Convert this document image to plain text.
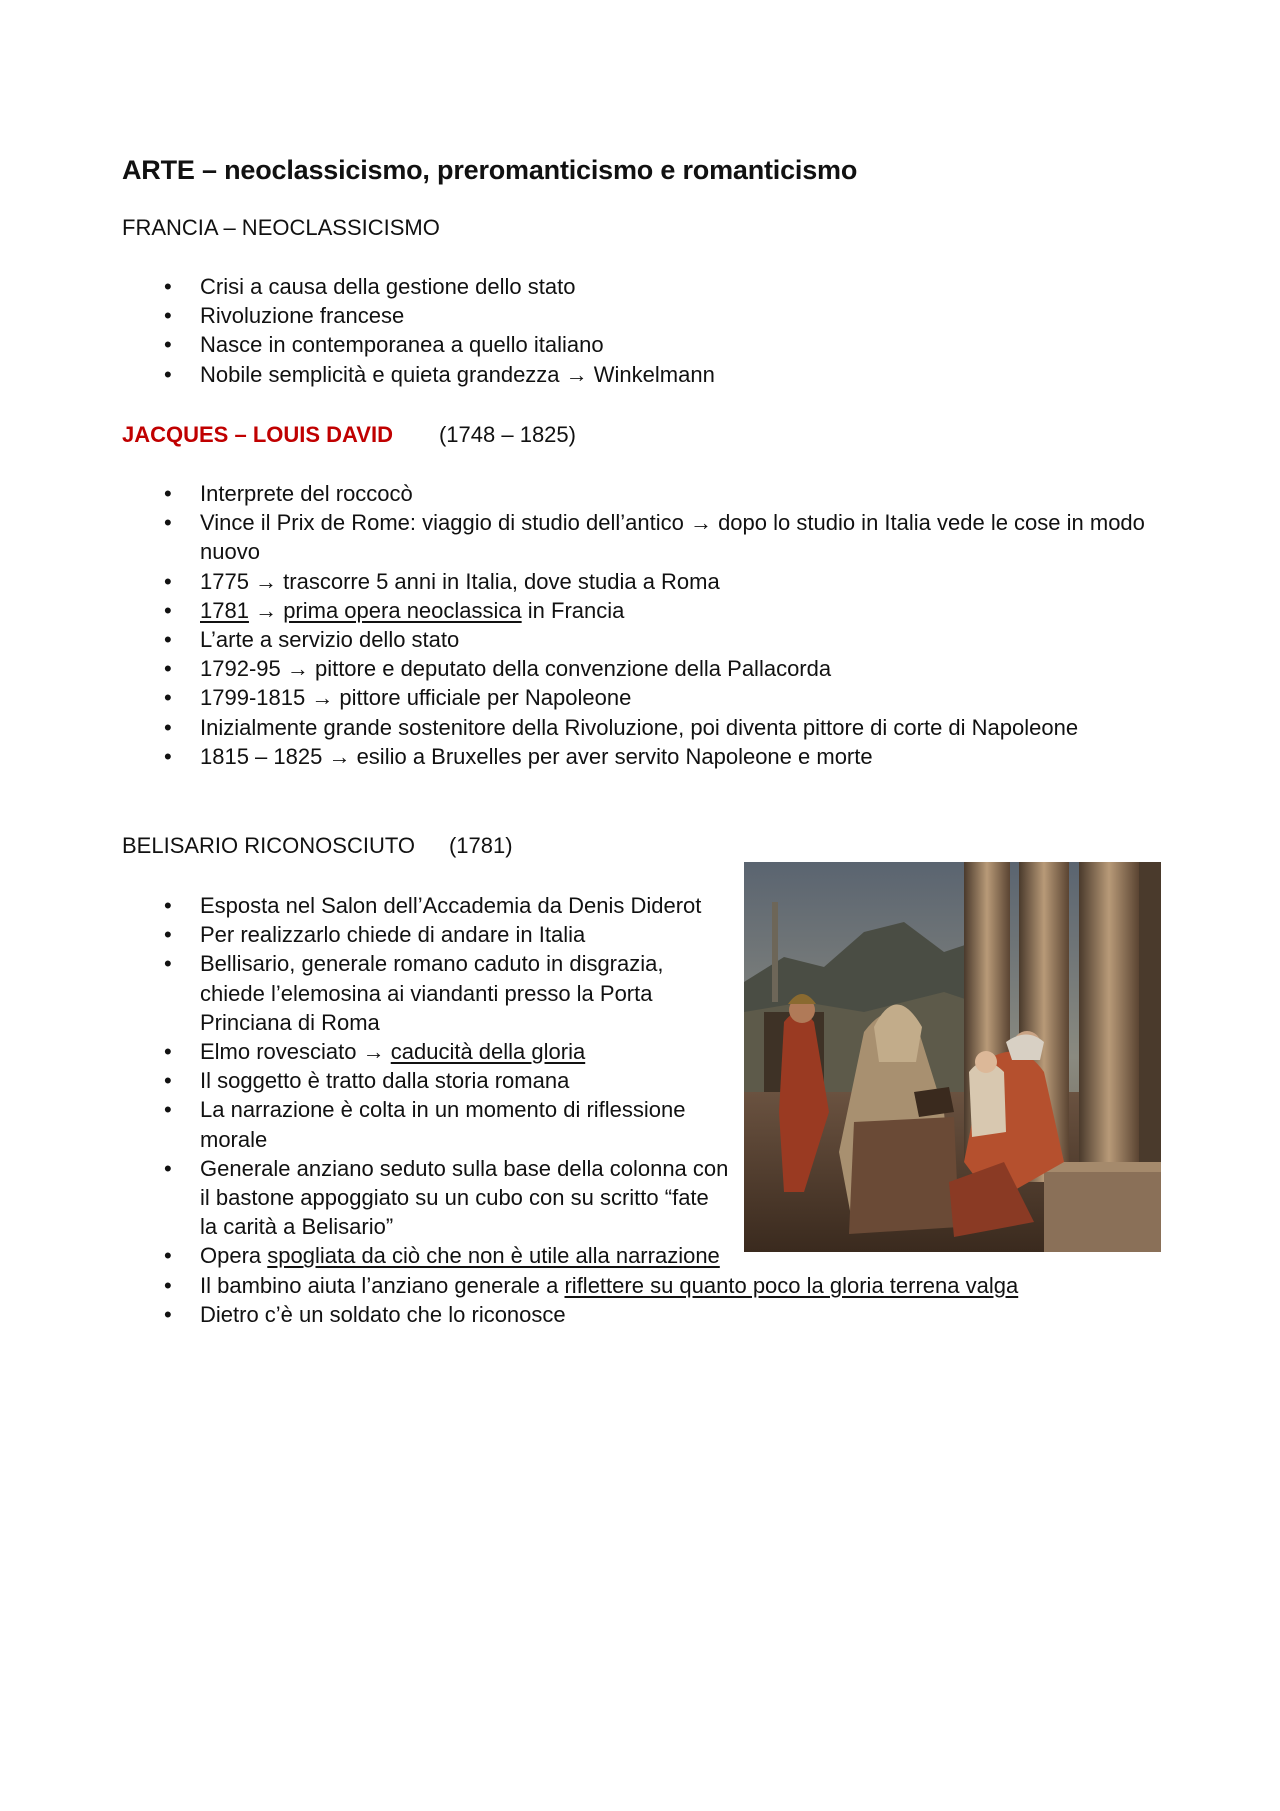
ARTE – neoclassicismo, preromanticismo e romanticismo
FRANCIA – NEOCLASSICISMO
• Crisi a causa della gestione dello stato
• Rivoluzione francese
• Nasce in contemporanea a quello italiano
• Nobile semplicità e quieta grandezza → Winkelmann
JACQUES – LOUIS DAVID (1748 – 1825)
• Interprete del roccocò
• Vince il Prix de Rome: viaggio di studio dell’antico → dopo lo studio in Italia vede le cose in modo
nuovo
• 1775 → trascorre 5 anni in Italia, dove studia a Roma
• 1781 → prima opera neoclassica in Francia
• L’arte a servizio dello stato
• 1792-95 → pittore e deputato della convenzione della Pallacorda
• 1799-1815 → pittore ufficiale per Napoleone
• Inizialmente grande sostenitore della Rivoluzione, poi diventa pittore di corte di Napoleone
• 1815 – 1825 → esilio a Bruxelles per aver servito Napoleone e morte
BELISARIO RICONOSCIUTO (1781)
• Esposta nel Salon dell’Accademia da Denis Diderot
• Per realizzarlo chiede di andare in Italia
• Bellisario, generale romano caduto in disgrazia,
chiede l’elemosina ai viandanti presso la Porta
Princiana di Roma
• Elmo rovesciato → caducità della gloria
• Il soggetto è tratto dalla storia romana
• La narrazione è colta in un momento di riflessione
morale
• Generale anziano seduto sulla base della colonna con
il bastone appoggiato su un cubo con su scritto “fate
la carità a Belisario”
• Opera spogliata da ciò che non è utile alla narrazione
• Il bambino aiuta l’anziano generale a riflettere su quanto poco la gloria terrena valga
• Dietro c’è un soldato che lo riconosce
